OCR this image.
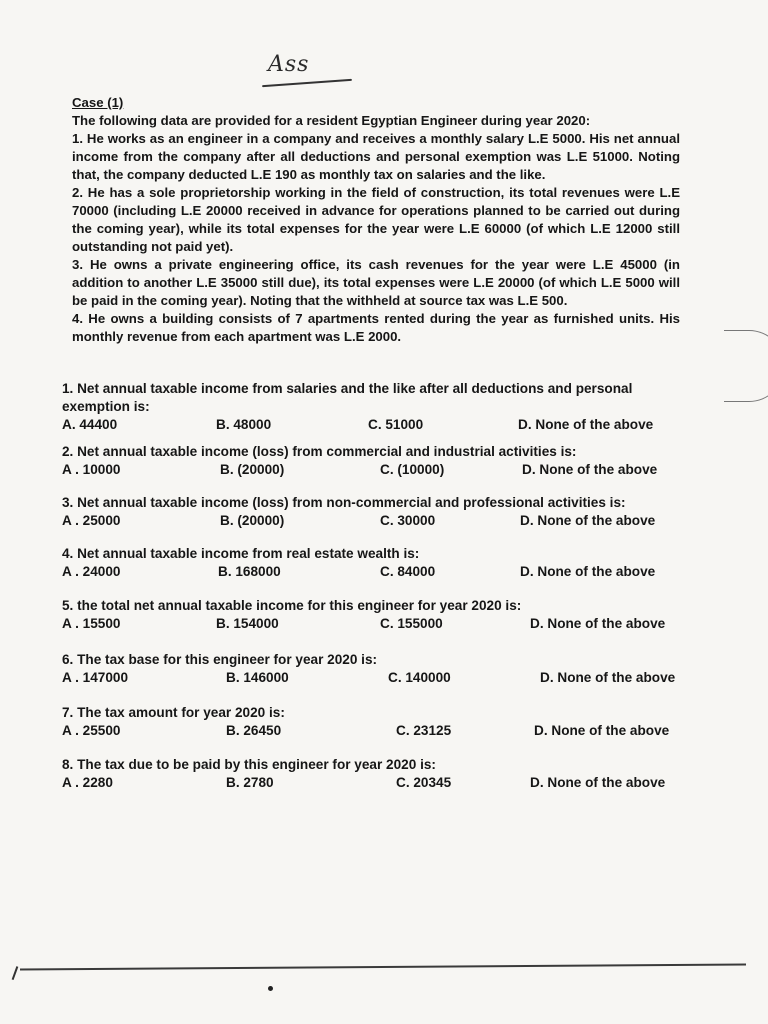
Ass

Case (1)

The following data are provided for a resident Egyptian Engineer during year 2020:

1. He works as an engineer in a company and receives a monthly salary L.E 5000. His net annual income from the company after all deductions and personal exemption was L.E 51000. Noting that, the company deducted L.E 190 as monthly tax on salaries and the like.

2. He has a sole proprietorship working in the field of construction, its total revenues were L.E 70000 (including L.E 20000 received in advance for operations planned to be carried out during the coming year), while its total expenses for the year were L.E 60000 (of which L.E 12000 still outstanding not paid yet).

3. He owns a private engineering office, its cash revenues for the year were L.E 45000 (in addition to another L.E 35000 still due), its total expenses were L.E 20000 (of which L.E 5000 will be paid in the coming year). Noting that the withheld at source tax was L.E 500.

4. He owns a building consists of 7 apartments rented during the year as furnished units. His monthly revenue from each apartment was L.E 2000.

1. Net annual taxable income from salaries and the like after all deductions and personal exemption is:
A. 44400	B. 48000	C. 51000	D. None of the above
2. Net annual taxable income (loss) from commercial and industrial activities is:
A . 10000	B. (20000)	C. (10000)	D. None of the above
3. Net annual taxable income (loss) from non-commercial and professional activities is:
A . 25000	B. (20000)	C. 30000	D. None of the above
4. Net annual taxable income from real estate wealth is:
A . 24000	B. 168000	C. 84000	D. None of the above
5. the total net annual taxable income for this engineer for year 2020 is:
A . 15500	B. 154000	C. 155000	D. None of the above
6. The tax base for this engineer for year 2020 is:
A . 147000	B. 146000	C. 140000	D. None of the above
7. The tax amount for year 2020 is:
A . 25500	B. 26450	C. 23125	D. None of the above
8. The tax due to be paid by this engineer for year 2020 is:
A . 2280	B. 2780	C. 20345	D. None of the above
